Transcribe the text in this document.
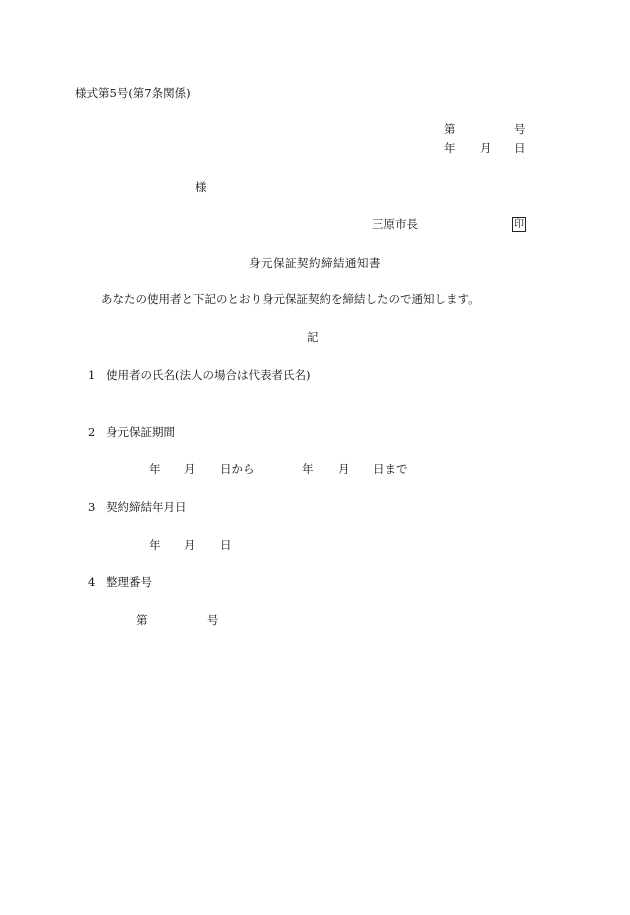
様式第5号(第7条関係)
第	号
年 月 日
様
三原市長	印
身元保証契約締結通知書
あなたの使用者と下記のとおり身元保証契約を締結したので通知します。
記
1 使用者の氏名(法人の場合は代表者氏名)
2 身元保証期間
年 月 日から	年 月 日まで
3 契約締結年月日
年 月 日
4 整理番号
第	号
